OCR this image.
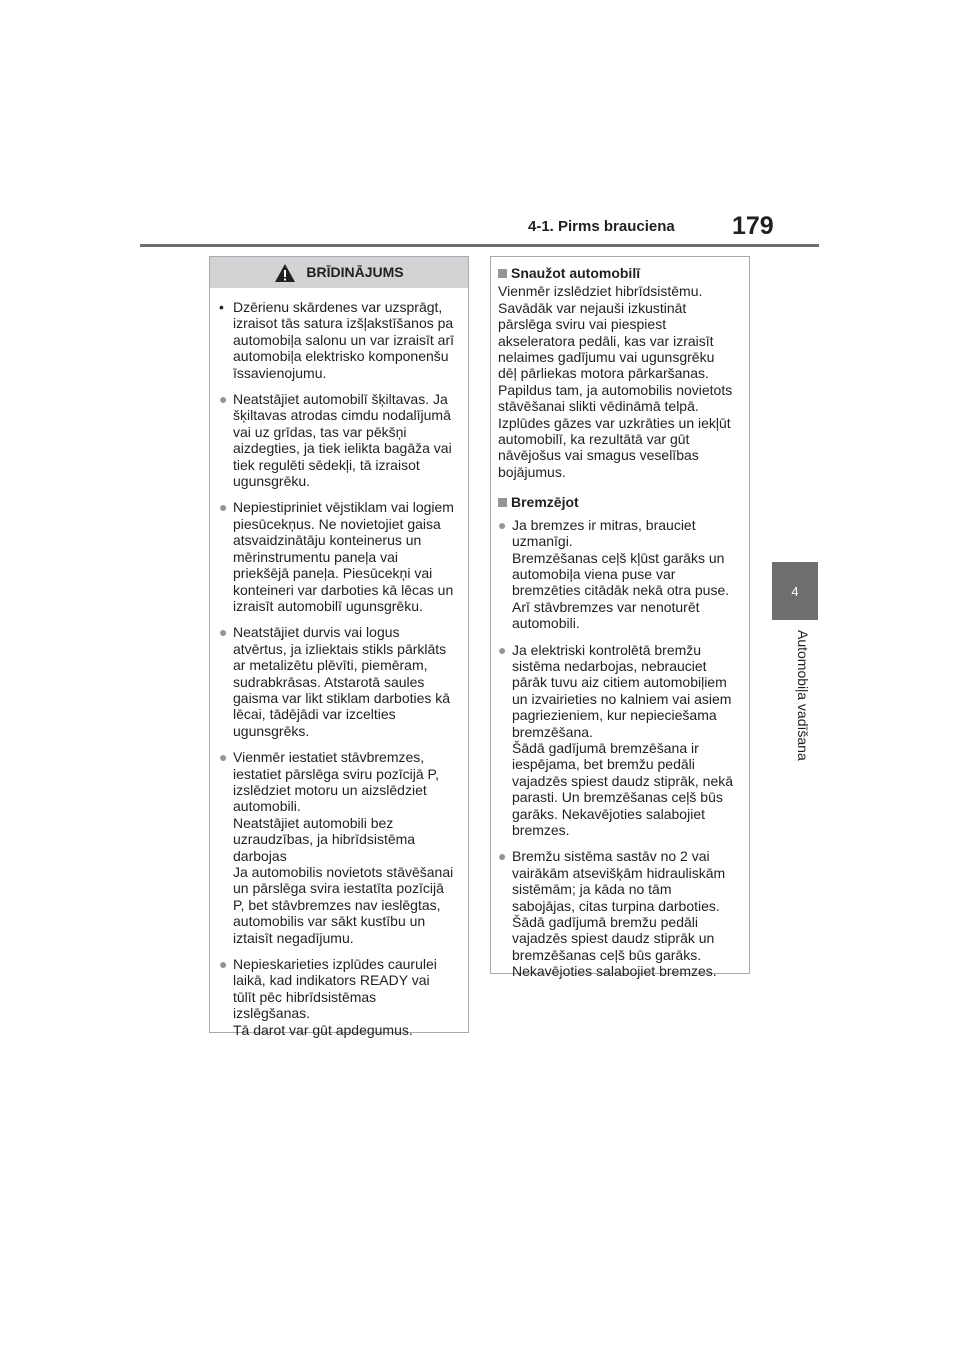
4-1. Pirms brauciena 179
4
Automobiļa vadīšana
BRĪDINĀJUMS
• Dzērienu skārdenes var uzsprāgt,
izraisot tās satura izšļakstīšanos pa
automobiļa salonu un var izraisīt arī
automobiļa elektrisko komponenšu
īssavienojumu.
● Neatstājiet automobilī šķiltavas. Ja
šķiltavas atrodas cimdu nodalījumā
vai uz grīdas, tas var pēkšņi
aizdegties, ja tiek ielikta bagāža vai
tiek regulēti sēdekļi, tā izraisot
ugunsgrēku.
● Nepiestipriniet vējstiklam vai logiem
piesūcekņus. Ne novietojiet gaisa
atsvaidzinātāju konteinerus un
mērinstrumentu paneļa vai
priekšējā paneļa. Piesūcekņi vai
konteineri var darboties kā lēcas un
izraisīt automobilī ugunsgrēku.
● Neatstājiet durvis vai logus
atvērtus, ja izliektais stikls pārklāts
ar metalizētu plēvīti, piemēram,
sudrabkrāsas. Atstarotā saules
gaisma var likt stiklam darboties kā
lēcai, tādējādi var izcelties
ugunsgrēks.
● Vienmēr iestatiet stāvbremzes,
iestatiet pārslēga sviru pozīcijā P,
izslēdziet motoru un aizslēdziet
automobili.
Neatstājiet automobili bez
uzraudzības, ja hibrīdsistēma
darbojas
Ja automobilis novietots stāvēšanai
un pārslēga svira iestatīta pozīcijā
P, bet stāvbremzes nav ieslēgtas,
automobilis var sākt kustību un
iztaisīt negadījumu.
● Nepieskarieties izplūdes caurulei
laikā, kad indikators READY vai
tūlīt pēc hibrīdsistēmas
izslēgšanas.
Tā darot var gūt apdegumus.
Snaužot automobilī
Vienmēr izslēdziet hibrīdsistēmu.
Savādāk var nejauši izkustināt
pārslēga sviru vai piespiest
akseleratora pedāli, kas var izraisīt
nelaimes gadījumu vai ugunsgrēku
dēļ pārliekas motora pārkaršanas.
Papildus tam, ja automobilis novietots
stāvēšanai slikti vēdināmā telpā.
Izplūdes gāzes var uzkrāties un iekļūt
automobilī, ka rezultātā var gūt
nāvējošus vai smagus veselības
bojājumus.
Bremzējot
● Ja bremzes ir mitras, brauciet
uzmanīgi.
Bremzēšanas ceļš kļūst garāks un
automobiļa viena puse var
bremzēties citādāk nekā otra puse.
Arī stāvbremzes var nenoturēt
automobili.
● Ja elektriski kontrolētā bremžu
sistēma nedarbojas, nebrauciet
pārāk tuvu aiz citiem automobiļiem
un izvairieties no kalniem vai asiem
pagriezieniem, kur nepieciešama
bremzēšana.
Šādā gadījumā bremzēšana ir
iespējama, bet bremžu pedāli
vajadzēs spiest daudz stiprāk, nekā
parasti. Un bremzēšanas ceļš būs
garāks. Nekavējoties salabojiet
bremzes.
● Bremžu sistēma sastāv no 2 vai
vairākām atsevišķām hidrauliskām
sistēmām; ja kāda no tām
sabojājas, citas turpina darboties.
Šādā gadījumā bremžu pedāli
vajadzēs spiest daudz stiprāk un
bremzēšanas ceļš būs garāks.
Nekavējoties salabojiet bremzes.
